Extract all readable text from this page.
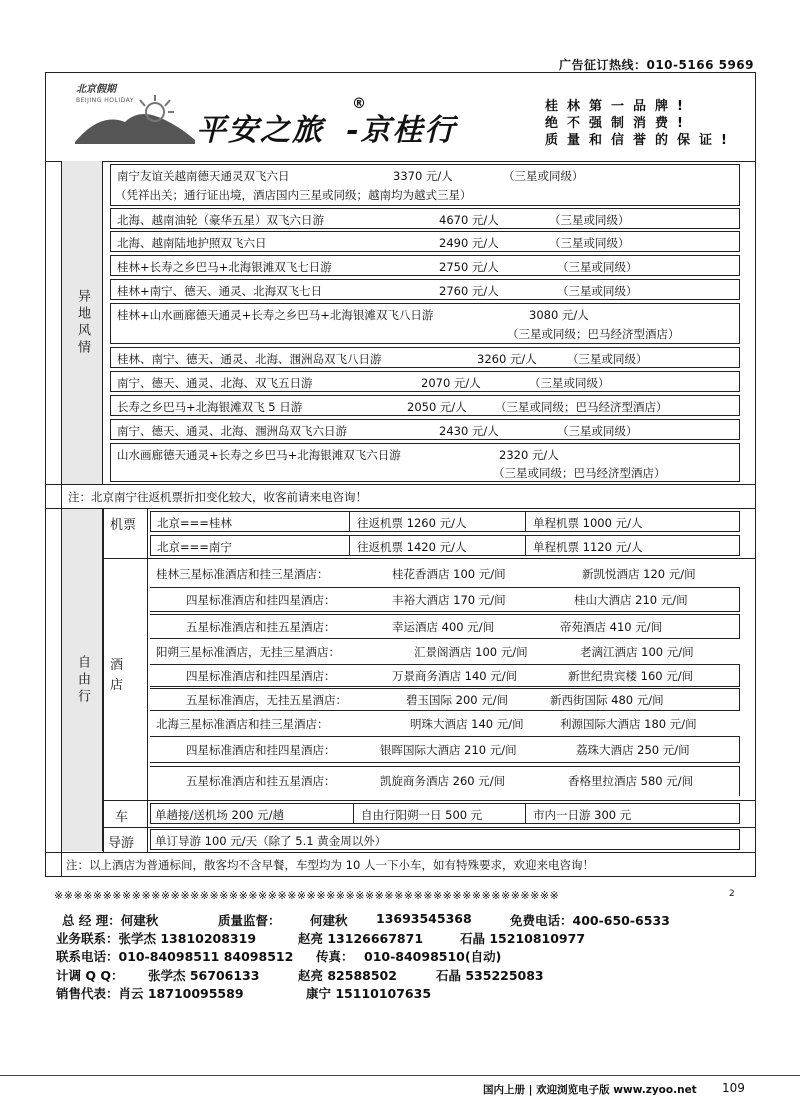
广告征订热线：010-5166 5969
北京假期
BEIJING HOLIDAY
平安之旅 -京桂行
®	桂林第一品牌!
绝不强制消费!
质量和信誉的保证!
异地风情
南宁友谊关越南德天通灵双飞六日	3370 元/人	（三星或同级）
（凭祥出关；通行证出境，酒店国内三星或同级；越南均为越式三星）
北海、越南油轮（豪华五星）双飞六日游	4670 元/人	（三星或同级）
北海、越南陆地护照双飞六日	2490 元/人	（三星或同级）
桂林+长寿之乡巴马+北海银滩双飞七日游	2750 元/人	（三星或同级）
桂林+南宁、德天、通灵、北海双飞七日	2760 元/人	（三星或同级）
桂林+山水画廊德天通灵+长寿之乡巴马+北海银滩双飞八日游	3080 元/人
（三星或同级；巴马经济型酒店）
桂林、南宁、德天、通灵、北海、涠洲岛双飞八日游	3260 元/人	（三星或同级）
南宁、德天、通灵、北海、双飞五日游	2070 元/人	（三星或同级）
长寿之乡巴马+北海银滩双飞 5 日游	2050 元/人 （三星或同级；巴马经济型酒店）
南宁、德天、通灵、北海、涠洲岛双飞六日游	2430 元/人	（三星或同级）
山水画廊德天通灵+长寿之乡巴马+北海银滩双飞六日游	2320 元/人
（三星或同级；巴马经济型酒店）
注：北京南宁往返机票折扣变化较大，收客前请来电咨询！
自由行
机票 北京===桂林	往返机票 1260 元/人	单程机票 1000 元/人
北京===南宁	往返机票 1420 元/人	单程机票 1120 元/人
酒店
桂林三星标准酒店和挂三星酒店：	桂花香酒店 100 元/间	新凯悦酒店 120 元/间
四星标准酒店和挂四星酒店：	丰裕大酒店 170 元/间	桂山大酒店 210 元/间
五星标准酒店和挂五星酒店：	幸运酒店 400 元/间	帝苑酒店 410 元/间
阳朔三星标准酒店，无挂三星酒店：	汇景阁酒店 100 元/间	老漓江酒店 100 元/间
四星标准酒店和挂四星酒店：	万景商务酒店 140 元/间	新世纪贵宾楼 160 元/间
五星标准酒店，无挂五星酒店：	碧玉国际 200 元/间	新西街国际 480 元/间
北海三星标准酒店和挂三星酒店：	明珠大酒店 140 元/间	利源国际大酒店 180 元/间
四星标准酒店和挂四星酒店：	银晖国际大酒店 210 元/间	荔珠大酒店 250 元/间
五星标准酒店和挂五星酒店：	凯旋商务酒店 260 元/间	香格里拉酒店 580 元/间
车 单趟接/送机场 200 元/趟	自由行阳朔一日 500 元	市内一日游 300 元
导游 单订导游 100 元/天（除了 5.1 黄金周以外）
注：以上酒店为普通标间，散客均不含早餐，车型均为 10 人一下小车，如有特殊要求，欢迎来电咨询！
※※※※※※※※※※※※※※※※※※※※※※※※※※※※※※※※※※※※※※※※※※※※※※※※※※※※	2
总 经 理：何建秋	质量监督： 何建秋 13693545368	免费电话：400-650-6533
业务联系：张学杰 13810208319	赵亮 13126667871	石晶 15210810977
联系电话：010-84098511 84098512 传真： 010-84098510(自动)
计调 Q Q： 张学杰 56706133	赵亮 82588502	石晶 535225083
销售代表：肖云 18710095589	康宁 15110107635
国内上册 | 欢迎浏览电子版 www.zyoo.net 109
